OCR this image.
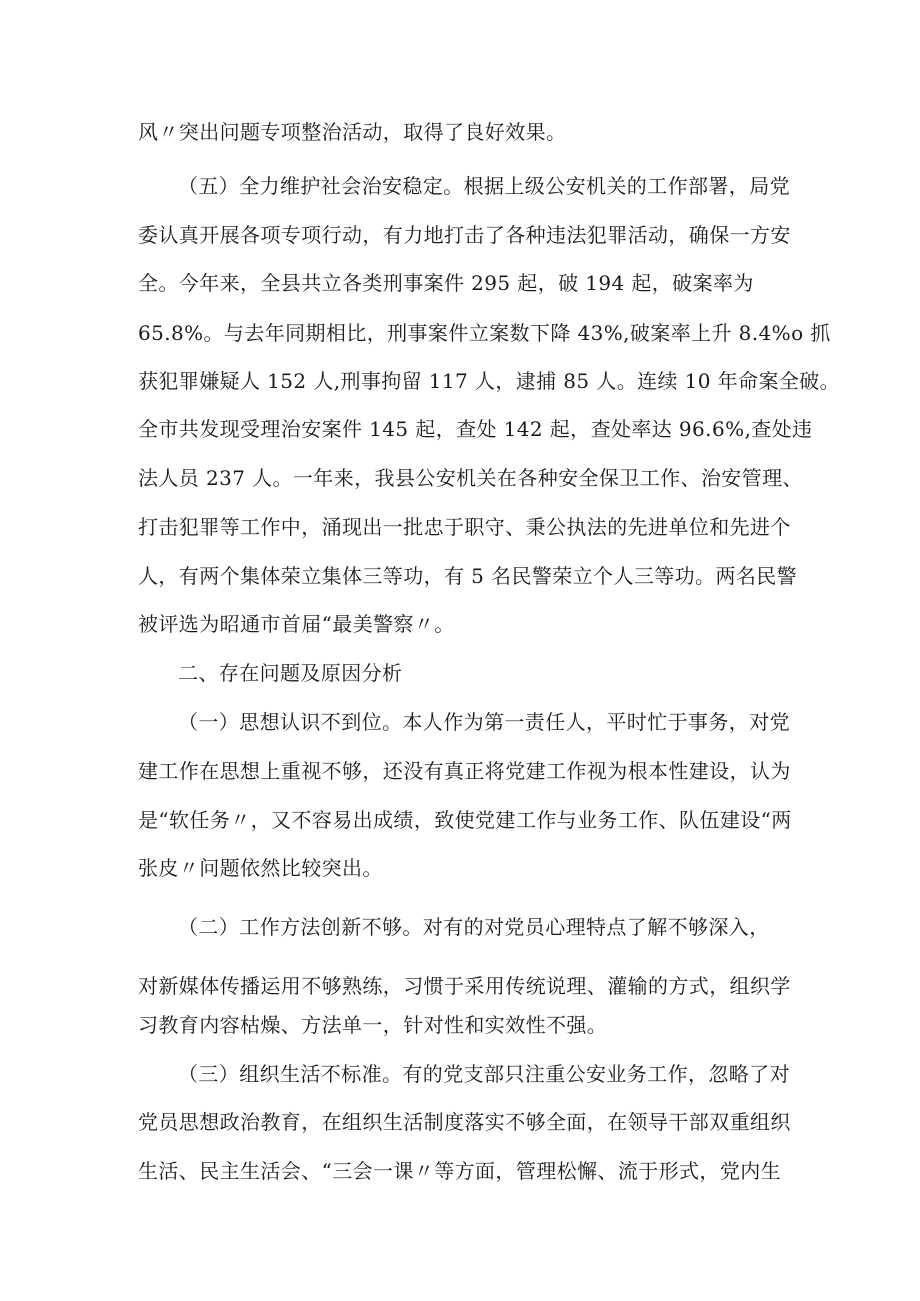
风〃突出问题专项整治活动，取得了良好效果。
（五）全力维护社会治安稳定。根据上级公安机关的工作部署，局党
委认真开展各项专项行动，有力地打击了各种违法犯罪活动，确保一方安
全。今年来，全县共立各类刑事案件 295 起，破 194 起，破案率为
65.8%。与去年同期相比，刑事案件立案数下降 43%,破案率上升 8.4%o 抓
获犯罪嫌疑人 152 人,刑事拘留 117 人，逮捕 85 人。连续 10 年命案全破。
全市共发现受理治安案件 145 起，查处 142 起，查处率达 96.6%,查处违
法人员 237 人。一年来，我县公安机关在各种安全保卫工作、治安管理、
打击犯罪等工作中，涌现出一批忠于职守、秉公执法的先进单位和先进个
人，有两个集体荣立集体三等功，有 5 名民警荣立个人三等功。两名民警
被评选为昭通市首届“最美警察〃。
二、存在问题及原因分析
（一）思想认识不到位。本人作为第一责任人，平时忙于事务，对党
建工作在思想上重视不够，还没有真正将党建工作视为根本性建设，认为
是“软任务〃，又不容易出成绩，致使党建工作与业务工作、队伍建设“两
张皮〃问题依然比较突出。
（二）工作方法创新不够。对有的对党员心理特点了解不够深入，
对新媒体传播运用不够熟练，习惯于采用传统说理、灌输的方式，组织学
习教育内容枯燥、方法单一，针对性和实效性不强。
（三）组织生活不标准。有的党支部只注重公安业务工作，忽略了对
党员思想政治教育，在组织生活制度落实不够全面，在领导干部双重组织
生活、民主生活会、“三会一课〃等方面，管理松懈、流于形式，党内生
